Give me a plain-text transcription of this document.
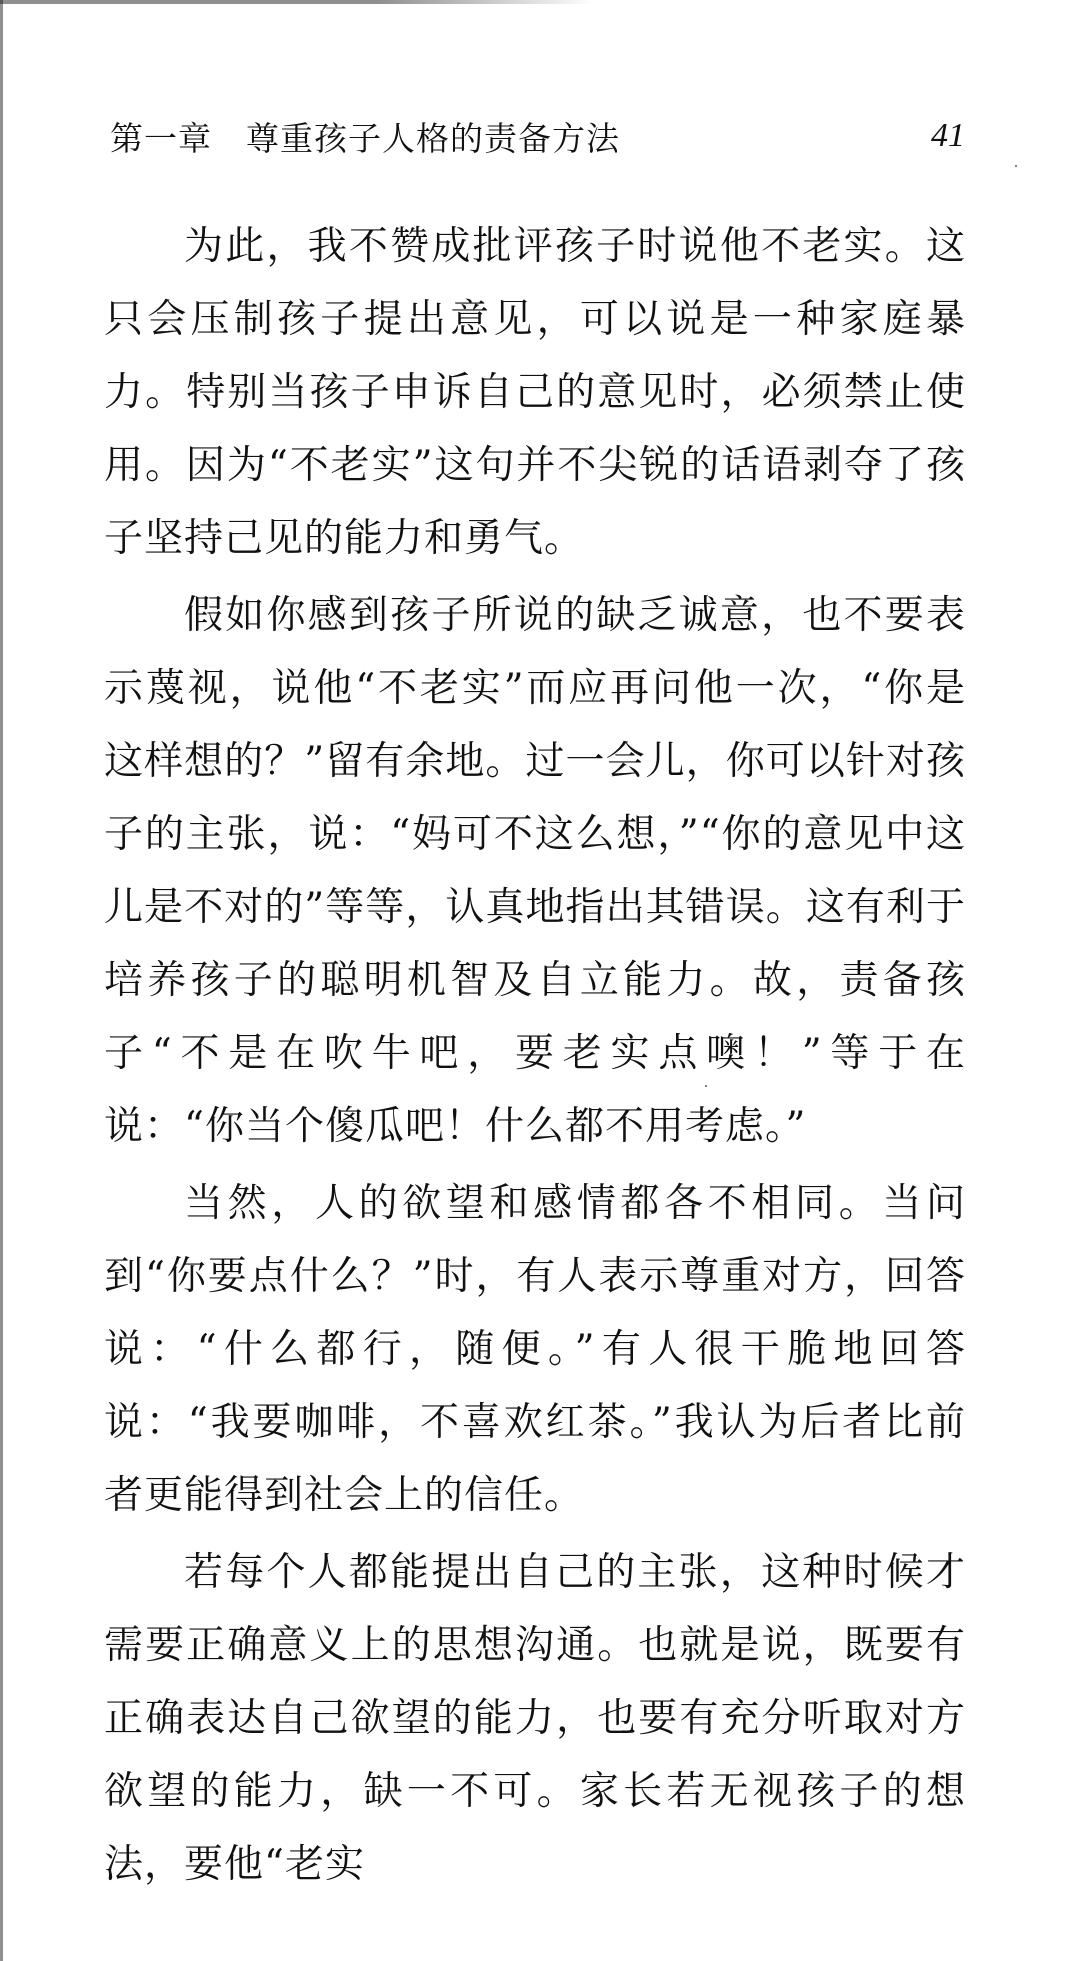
第一章　尊重孩子人格的责备方法	41

为此，我不赞成批评孩子时说他不老实。这只会压制孩子提出意见，可以说是一种家庭暴力。特别当孩子申诉自己的意见时，必须禁止使用。因为“不老实”这句并不尖锐的话语剥夺了孩子坚持己见的能力和勇气。

假如你感到孩子所说的缺乏诚意，也不要表示蔑视，说他“不老实”而应再问他一次，“你是这样想的？”留有余地。过一会儿，你可以针对孩子的主张，说：“妈可不这么想，”“你的意见中这儿是不对的”等等，认真地指出其错误。这有利于培养孩子的聪明机智及自立能力。故，责备孩子“不是在吹牛吧，要老实点噢！”等于在说：“你当个傻瓜吧！什么都不用考虑。”

当然，人的欲望和感情都各不相同。当问到“你要点什么？”时，有人表示尊重对方，回答说：“什么都行，随便。”有人很干脆地回答说：“我要咖啡，不喜欢红茶。”我认为后者比前者更能得到社会上的信任。

若每个人都能提出自己的主张，这种时候才需要正确意义上的思想沟通。也就是说，既要有正确表达自己欲望的能力，也要有充分听取对方欲望的能力，缺一不可。家长若无视孩子的想法，要他“老实
